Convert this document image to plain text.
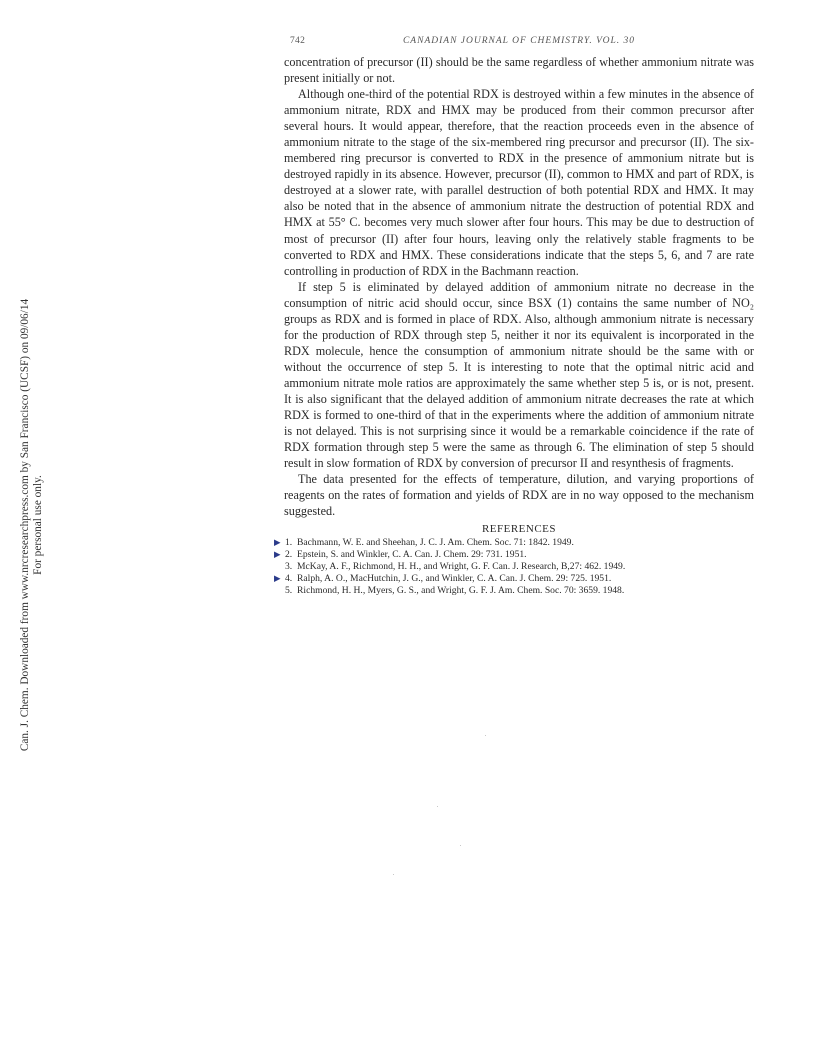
Can. J. Chem. Downloaded from www.nrcresearchpress.com by San Francisco (UCSF) on 09/06/14 For personal use only.
742	CANADIAN JOURNAL OF CHEMISTRY. VOL. 30

concentration of precursor (II) should be the same regardless of whether ammonium nitrate was present initially or not.

Although one-third of the potential RDX is destroyed within a few minutes in the absence of ammonium nitrate, RDX and HMX may be produced from their common precursor after several hours. It would appear, therefore, that the reaction proceeds even in the absence of ammonium nitrate to the stage of the six-membered ring precursor and precursor (II). The six-membered ring precursor is converted to RDX in the presence of ammonium nitrate but is destroyed rapidly in its absence. However, precursor (II), common to HMX and part of RDX, is destroyed at a slower rate, with parallel destruction of both potential RDX and HMX. It may also be noted that in the absence of ammonium nitrate the destruction of potential RDX and HMX at 55° C. becomes very much slower after four hours. This may be due to destruction of most of precursor (II) after four hours, leaving only the relatively stable fragments to be converted to RDX and HMX. These considerations indicate that the steps 5, 6, and 7 are rate controlling in production of RDX in the Bachmann reaction.

If step 5 is eliminated by delayed addition of ammonium nitrate no decrease in the consumption of nitric acid should occur, since BSX (1) contains the same number of NO₂ groups as RDX and is formed in place of RDX. Also, although ammonium nitrate is necessary for the production of RDX through step 5, neither it nor its equivalent is incorporated in the RDX molecule, hence the consumption of ammonium nitrate should be the same with or without the occurrence of step 5. It is interesting to note that the optimal nitric acid and ammonium nitrate mole ratios are approximately the same whether step 5 is, or is not, present. It is also significant that the delayed addition of ammonium nitrate decreases the rate at which RDX is formed to one-third of that in the experiments where the addition of ammonium nitrate is not delayed. This is not surprising since it would be a remarkable coincidence if the rate of RDX formation through step 5 were the same as through 6. The elimination of step 5 should result in slow formation of RDX by conversion of precursor II and resynthesis of fragments.

The data presented for the effects of temperature, dilution, and varying proportions of reagents on the rates of formation and yields of RDX are in no way opposed to the mechanism suggested.

REFERENCES
▶ 1. Bachmann, W. E. and Sheehan, J. C. J. Am. Chem. Soc. 71: 1842. 1949.
▶ 2. Epstein, S. and Winkler, C. A. Can. J. Chem. 29: 731. 1951.
3. McKay, A. F., Richmond, H. H., and Wright, G. F. Can. J. Research, B,27: 462. 1949.
▶ 4. Ralph, A. O., MacHutchin, J. G., and Winkler, C. A. Can. J. Chem. 29: 725. 1951.
5. Richmond, H. H., Myers, G. S., and Wright, G. F. J. Am. Chem. Soc. 70: 3659. 1948.
